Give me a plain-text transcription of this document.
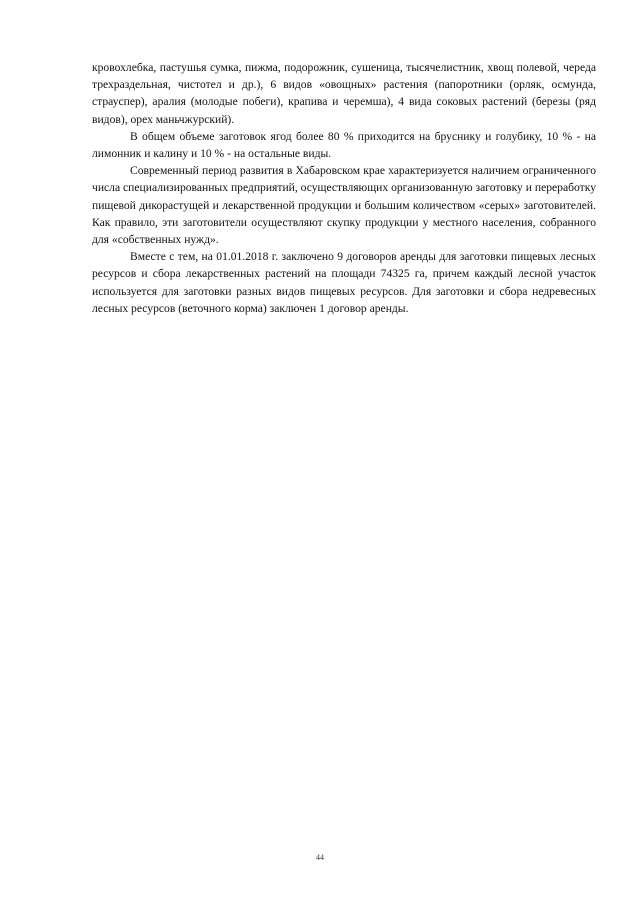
кровохлебка, пастушья сумка, пижма, подорожник, сушеница, тысячелистник, хвощ полевой, череда трехраздельная, чистотел и др.), 6 видов «овощных» растения (папоротники (орляк, осмунда, страуспер), аралия (молодые побеги), крапива и черемша), 4 вида соковых растений (березы (ряд видов), орех маньчжурский).

В общем объеме заготовок ягод более 80 % приходится на бруснику и голубику, 10 % - на лимонник и калину и 10 % - на остальные виды.

Современный период развития в Хабаровском крае характеризуется наличием ограниченного числа специализированных предприятий, осуществляющих организованную заготовку и переработку пищевой дикорастущей и лекарственной продукции и большим количеством «серых» заготовителей. Как правило, эти заготовители осуществляют скупку продукции у местного населения, собранного для «собственных нужд».

Вместе с тем, на 01.01.2018 г. заключено 9 договоров аренды для заготовки пищевых лесных ресурсов и сбора лекарственных растений на площади 74325 га, причем каждый лесной участок используется для заготовки разных видов пищевых ресурсов. Для заготовки и сбора недревесных лесных ресурсов (веточного корма) заключен 1 договор аренды.

44
